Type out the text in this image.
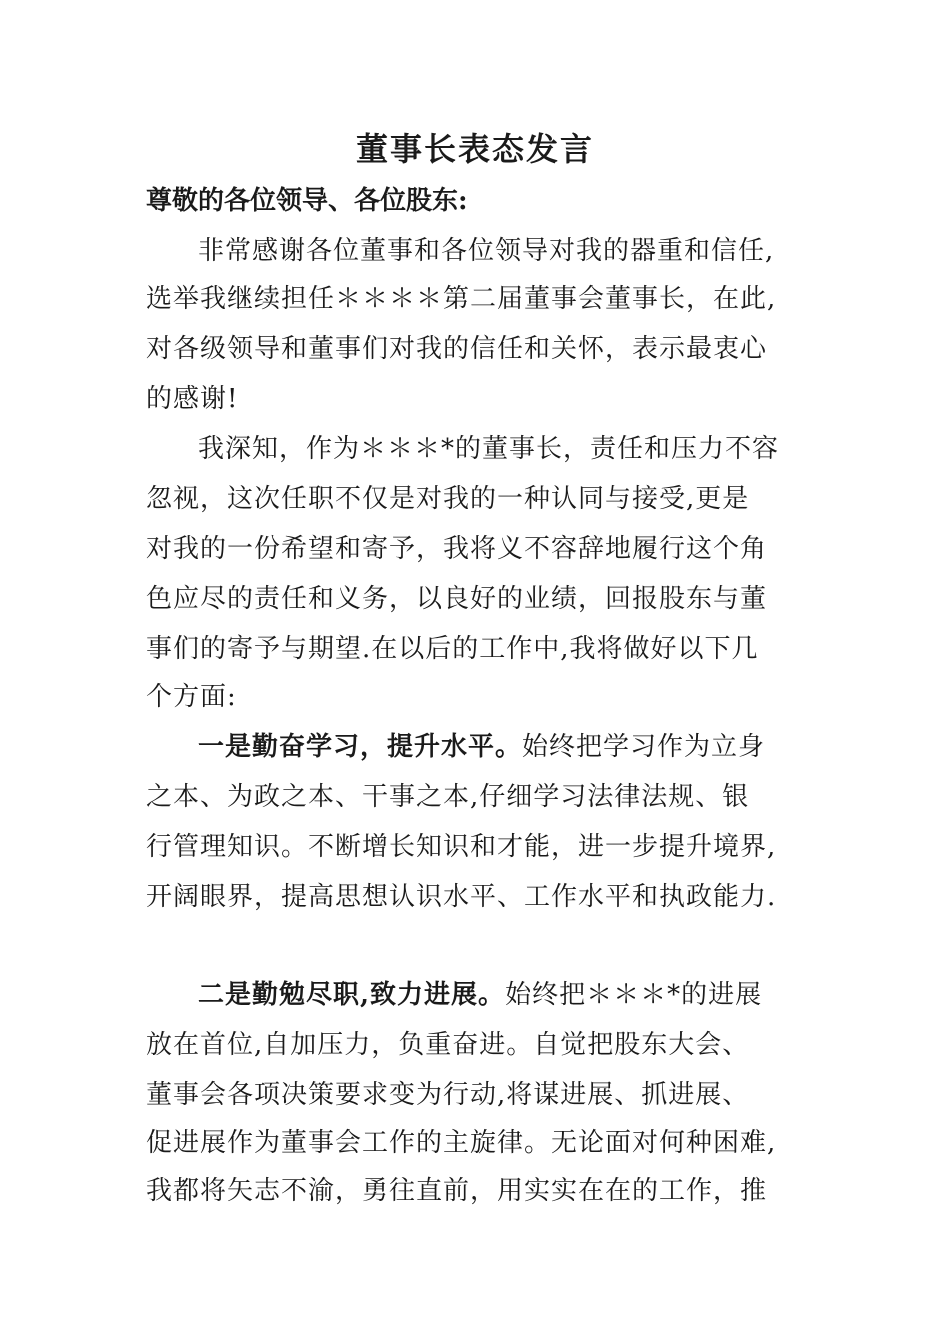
董事长表态发言
尊敬的各位领导、各位股东:
非常感谢各位董事和各位领导对我的器重和信任,
选举我继续担任＊＊＊＊第二届董事会董事长，在此,
对各级领导和董事们对我的信任和关怀，表示最衷心
的感谢!
我深知，作为＊＊＊*的董事长，责任和压力不容
忽视，这次任职不仅是对我的一种认同与接受,更是
对我的一份希望和寄予，我将义不容辞地履行这个角
色应尽的责任和义务，以良好的业绩，回报股东与董
事们的寄予与期望.在以后的工作中,我将做好以下几
个方面:
一是勤奋学习，提升水平。始终把学习作为立身
之本、为政之本、干事之本,仔细学习法律法规、银
行管理知识。不断增长知识和才能，进一步提升境界,
开阔眼界，提高思想认识水平、工作水平和执政能力.
二是勤勉尽职,致力进展。始终把＊＊＊*的进展
放在首位,自加压力，负重奋进。自觉把股东大会、
董事会各项决策要求变为行动,将谋进展、抓进展、
促进展作为董事会工作的主旋律。无论面对何种困难,
我都将矢志不渝，勇往直前，用实实在在的工作，推
